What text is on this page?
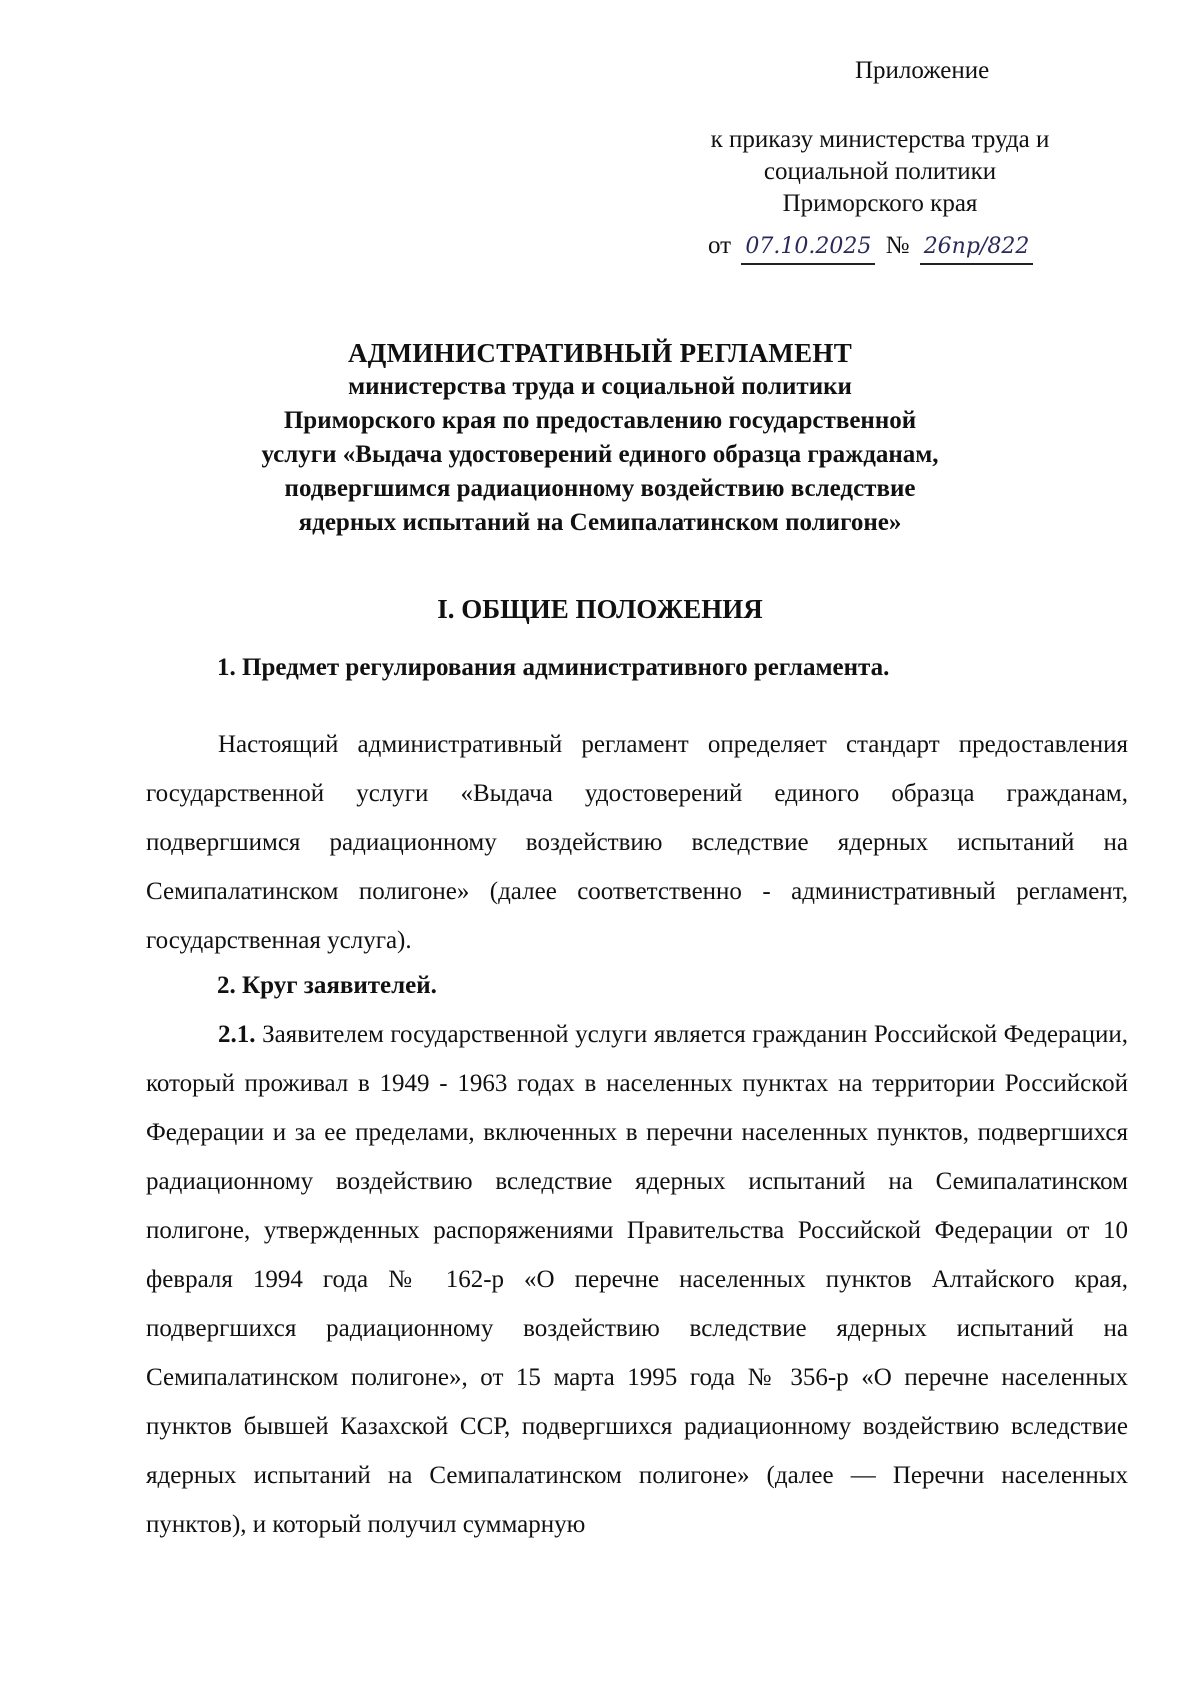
Приложение
к приказу министерства труда и
социальной политики
Приморского края
от 07.10.2025 № 26пр/822
АДМИНИСТРАТИВНЫЙ РЕГЛАМЕНТ
министерства труда и социальной политики
Приморского края по предоставлению государственной
услуги «Выдача удостоверений единого образца гражданам,
подвергшимся радиационному воздействию вследствие
ядерных испытаний на Семипалатинском полигоне»
I. ОБЩИЕ ПОЛОЖЕНИЯ
1. Предмет регулирования административного регламента.

Настоящий административный регламент определяет стандарт предоставления государственной услуги «Выдача удостоверений единого образца гражданам, подвергшимся радиационному воздействию вследствие ядерных испытаний на Семипалатинском полигоне» (далее соответственно - административный регламент, государственная услуга).

2. Круг заявителей.

2.1. Заявителем государственной услуги является гражданин Российской Федерации, который проживал в 1949 - 1963 годах в населенных пунктах на территории Российской Федерации и за ее пределами, включенных в перечни населенных пунктов, подвергшихся радиационному воздействию вследствие ядерных испытаний на Семипалатинском полигоне, утвержденных распоряжениями Правительства Российской Федерации от 10 февраля 1994 года № 162-р «О перечне населенных пунктов Алтайского края, подвергшихся радиационному воздействию вследствие ядерных испытаний на Семипалатинском полигоне», от 15 марта 1995 года № 356-р «О перечне населенных пунктов бывшей Казахской ССР, подвергшихся радиационному воздействию вследствие ядерных испытаний на Семипалатинском полигоне» (далее — Перечни населенных пунктов), и который получил суммарную
